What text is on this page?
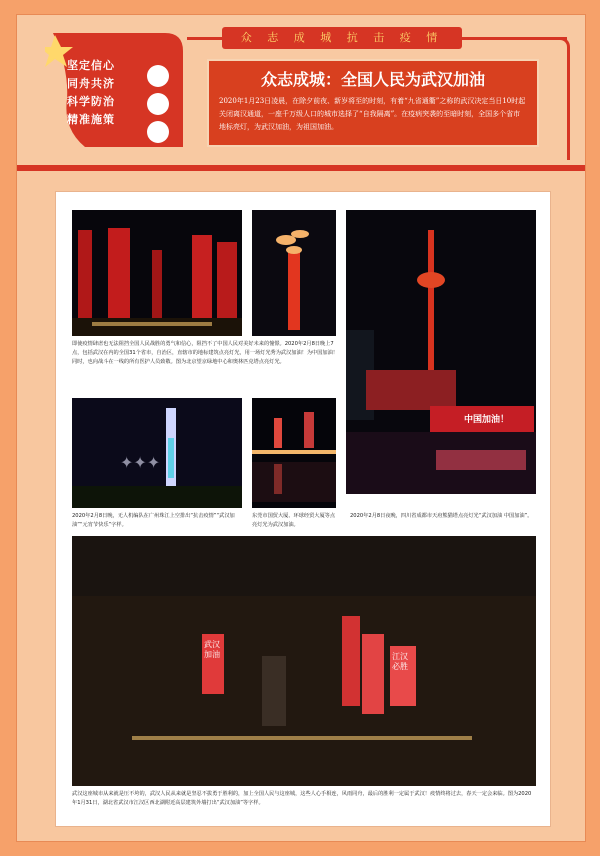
坚定信心
同舟共济
科学防治
精准施策
众 志 成 城 抗 击 疫 情
众志成城：全国人民为武汉加油
2020年1月23日凌晨，在除夕前夜、新岁将至的时刻，有着“九省通衢”之称的武汉决定当日10时起关闭离汉通道，一座千万级人口的城市选择了“自我隔离”。在疫病突袭的至暗时刻，全国多个省市地标亮灯，为武汉加油，为祖国加油。
中国加油！
即使疫情肆虐也无法阻挡全国人民战胜的勇气和信心，阻挡不了中国人民对美好未来的憧憬。2020年2月8日晚上7点，包括武汉在内的全国31个省市，自治区，直辖市的地标建筑点亮灯光，用一场灯光秀为武汉加油！为中国加油！同时，也向战斗在一线的所有医护人员致敬。图为北京望京绿地中心和奥林匹克塔点亮灯光。
✦✦✦
2020年2月8日晚，无人机编队在广州珠江上空排出“抗击疫情”“武汉加油”“元宵节快乐”字样。
东莞市国贸大厦、环球经贸大厦等点亮灯光为武汉加油。
2020年2月8日夜晚，四川省成都市天府熊猫塔点亮灯光“武汉加油 中国加油”。
武汉加油	江汉必胜
武汉这座城市从来就是压不垮的，武汉人民从来就是坚忍不拔勇于胜利的，加上全国人民与这座城，这些人心手相连，风雨同舟，最后的胜利一定属于武汉！疫情终将过去，春天一定会来临。图为2020年1月31日，湖北省武汉市江汉区西北湖附近高层建筑外墙打出“武汉加油”等字样。
